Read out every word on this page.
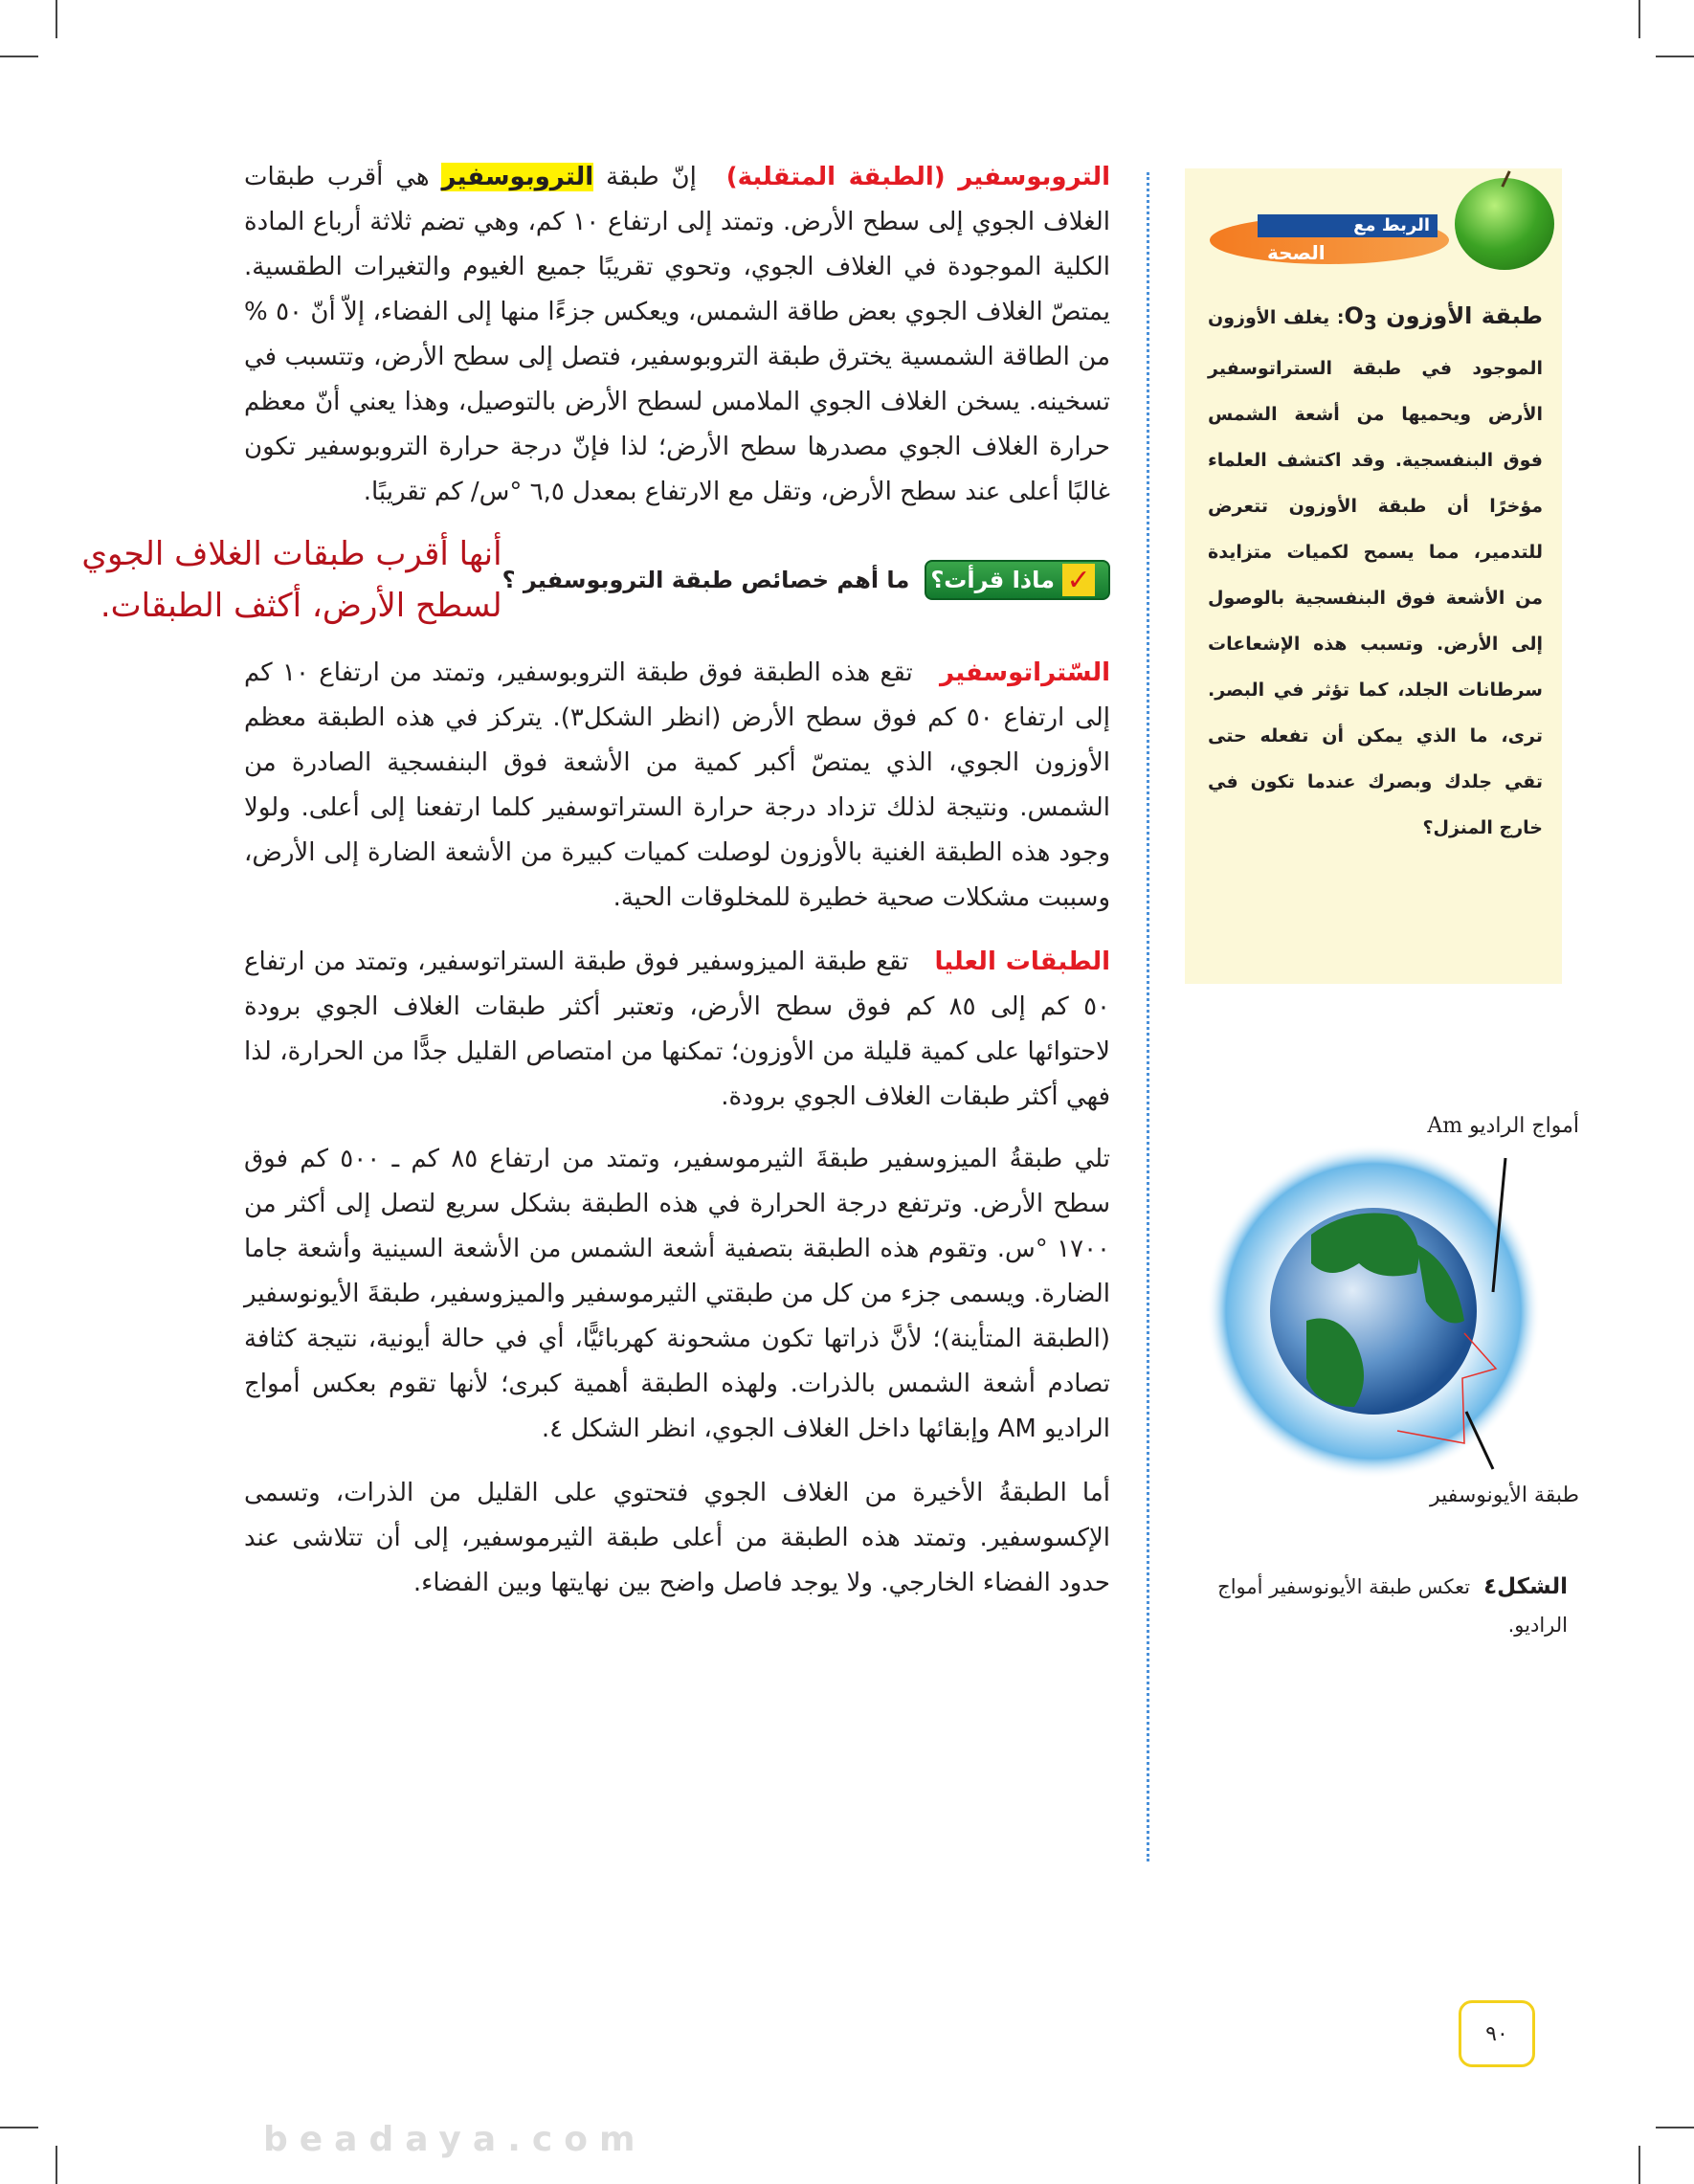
التروبوسفير (الطبقة المتقلبة) إنّ طبقة التروبوسفير هي أقرب طبقات الغلاف الجوي إلى سطح الأرض. وتمتد إلى ارتفاع ١٠ كم، وهي تضم ثلاثة أرباع المادة الكلية الموجودة في الغلاف الجوي، وتحوي تقريبًا جميع الغيوم والتغيرات الطقسية. يمتصّ الغلاف الجوي بعض طاقة الشمس، ويعكس جزءًا منها إلى الفضاء، إلاّ أنّ ٥٠ % من الطاقة الشمسية يخترق طبقة التروبوسفير، فتصل إلى سطح الأرض، وتتسبب في تسخينه. يسخن الغلاف الجوي الملامس لسطح الأرض بالتوصيل، وهذا يعني أنّ معظم حرارة الغلاف الجوي مصدرها سطح الأرض؛ لذا فإنّ درجة حرارة التروبوسفير تكون غالبًا أعلى عند سطح الأرض، وتقل مع الارتفاع بمعدل ٦,٥ °س/ كم تقريبًا.

✓
ماذا قرأت؟
ما أهم خصائص طبقة التروبوسفير ؟
أنها أقرب طبقات الغلاف الجوي لسطح الأرض، أكثف الطبقات.

السّتراتوسفير تقع هذه الطبقة فوق طبقة التروبوسفير، وتمتد من ارتفاع ١٠ كم إلى ارتفاع ٥٠ كم فوق سطح الأرض (انظر الشكل٣). يتركز في هذه الطبقة معظم الأوزون الجوي، الذي يمتصّ أكبر كمية من الأشعة فوق البنفسجية الصادرة من الشمس. ونتيجة لذلك تزداد درجة حرارة الستراتوسفير كلما ارتفعنا إلى أعلى. ولولا وجود هذه الطبقة الغنية بالأوزون لوصلت كميات كبيرة من الأشعة الضارة إلى الأرض، وسببت مشكلات صحية خطيرة للمخلوقات الحية.

الطبقات العليا تقع طبقة الميزوسفير فوق طبقة الستراتوسفير، وتمتد من ارتفاع ٥٠ كم إلى ٨٥ كم فوق سطح الأرض، وتعتبر أكثر طبقات الغلاف الجوي برودة لاحتوائها على كمية قليلة من الأوزون؛ تمكنها من امتصاص القليل جدًّا من الحرارة، لذا فهي أكثر طبقات الغلاف الجوي برودة.

تلي طبقةُ الميزوسفير طبقةَ الثيرموسفير، وتمتد من ارتفاع ٨٥ كم ـ ٥٠٠ كم فوق سطح الأرض. وترتفع درجة الحرارة في هذه الطبقة بشكل سريع لتصل إلى أكثر من ١٧٠٠ °س. وتقوم هذه الطبقة بتصفية أشعة الشمس من الأشعة السينية وأشعة جاما الضارة. ويسمى جزء من كل من طبقتي الثيرموسفير والميزوسفير، طبقةَ الأيونوسفير (الطبقة المتأينة)؛ لأنَّ ذراتها تكون مشحونة كهربائيًّا، أي في حالة أيونية، نتيجة كثافة تصادم أشعة الشمس بالذرات. ولهذه الطبقة أهمية كبرى؛ لأنها تقوم بعكس أمواج الراديو AM وإبقائها داخل الغلاف الجوي، انظر الشكل ٤.

أما الطبقةُ الأخيرة من الغلاف الجوي فتحتوي على القليل من الذرات، وتسمى الإكسوسفير. وتمتد هذه الطبقة من أعلى طبقة الثيرموسفير، إلى أن تتلاشى عند حدود الفضاء الخارجي. ولا يوجد فاصل واضح بين نهايتها وبين الفضاء.

beadaya.com
الربط مع
الصحة
طبقة الأوزون $O_3$: يغلف الأوزون الموجود في طبقة الستراتوسفير الأرض ويحميها من أشعة الشمس فوق البنفسجية. وقد اكتشف العلماء مؤخرًا أن طبقة الأوزون تتعرض للتدمير، مما يسمح لكميات متزايدة من الأشعة فوق البنفسجية بالوصول إلى الأرض. وتسبب هذه الإشعاعات سرطانات الجلد، كما تؤثر في البصر. ترى، ما الذي يمكن أن تفعله حتى تقي جلدك وبصرك عندما تكون في خارج المنزل؟
أمواج الراديو Am
طبقة الأيونوسفير
الشكل٤تعكس طبقة الأيونوسفير أمواج الراديو.
٩٠
